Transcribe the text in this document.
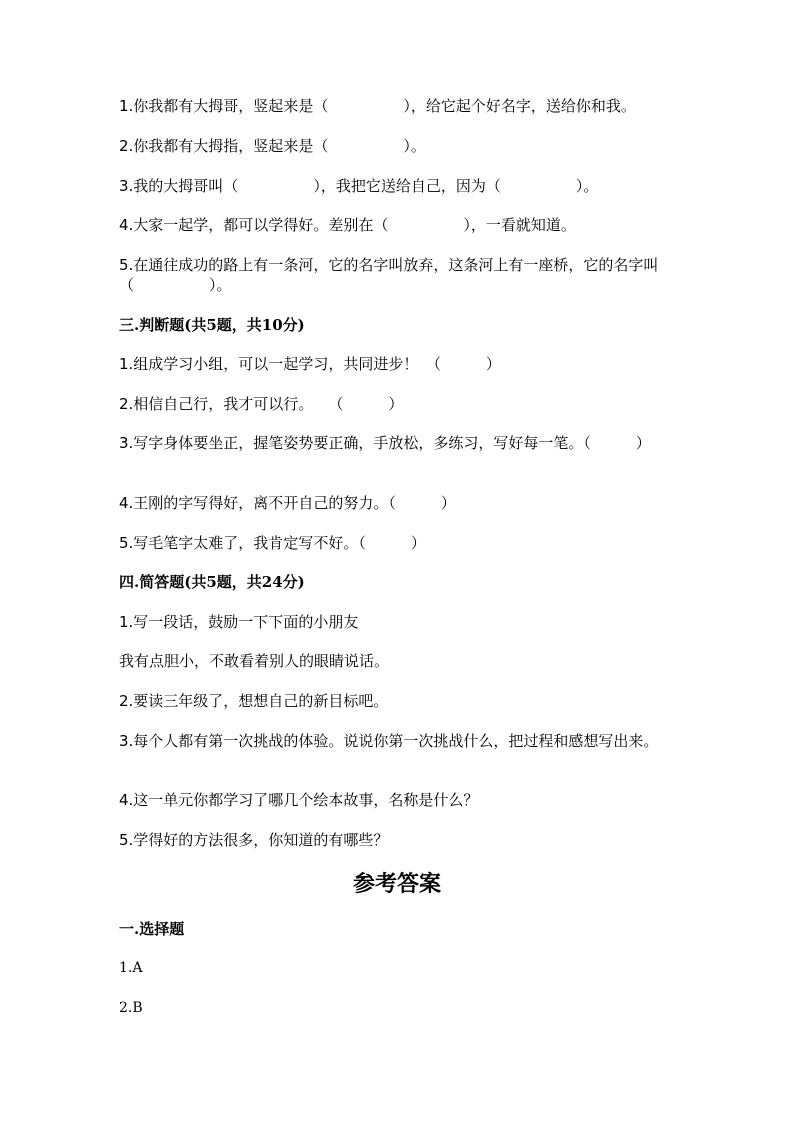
1.你我都有大拇哥，竖起来是（　　　　　），给它起个好名字，送给你和我。

2.你我都有大拇指，竖起来是（　　　　　）。

3.我的大拇哥叫（　　　　　），我把它送给自己，因为（　　　　　）。

4.大家一起学，都可以学得好。差别在（　　　　　），一看就知道。

5.在通往成功的路上有一条河，它的名字叫放弃，这条河上有一座桥，它的名字叫（　　　　　）。

三.判断题(共5题，共10分)

1.组成学习小组，可以一起学习，共同进步！　（　　　）

2.相信自己行，我才可以行。　　（　　　）

3.写字身体要坐正，握笔姿势要正确，手放松，多练习，写好每一笔。（　　　）

4.王刚的字写得好，离不开自己的努力。（　　　）

5.写毛笔字太难了，我肯定写不好。（　　　）

四.简答题(共5题，共24分)

1.写一段话，鼓励一下下面的小朋友

我有点胆小，不敢看着别人的眼睛说话。

2.要读三年级了，想想自己的新目标吧。

3.每个人都有第一次挑战的体验。说说你第一次挑战什么，把过程和感想写出来。

4.这一单元你都学习了哪几个绘本故事，名称是什么？

5.学得好的方法很多，你知道的有哪些？

参考答案

一.选择题

1.A

2.B
